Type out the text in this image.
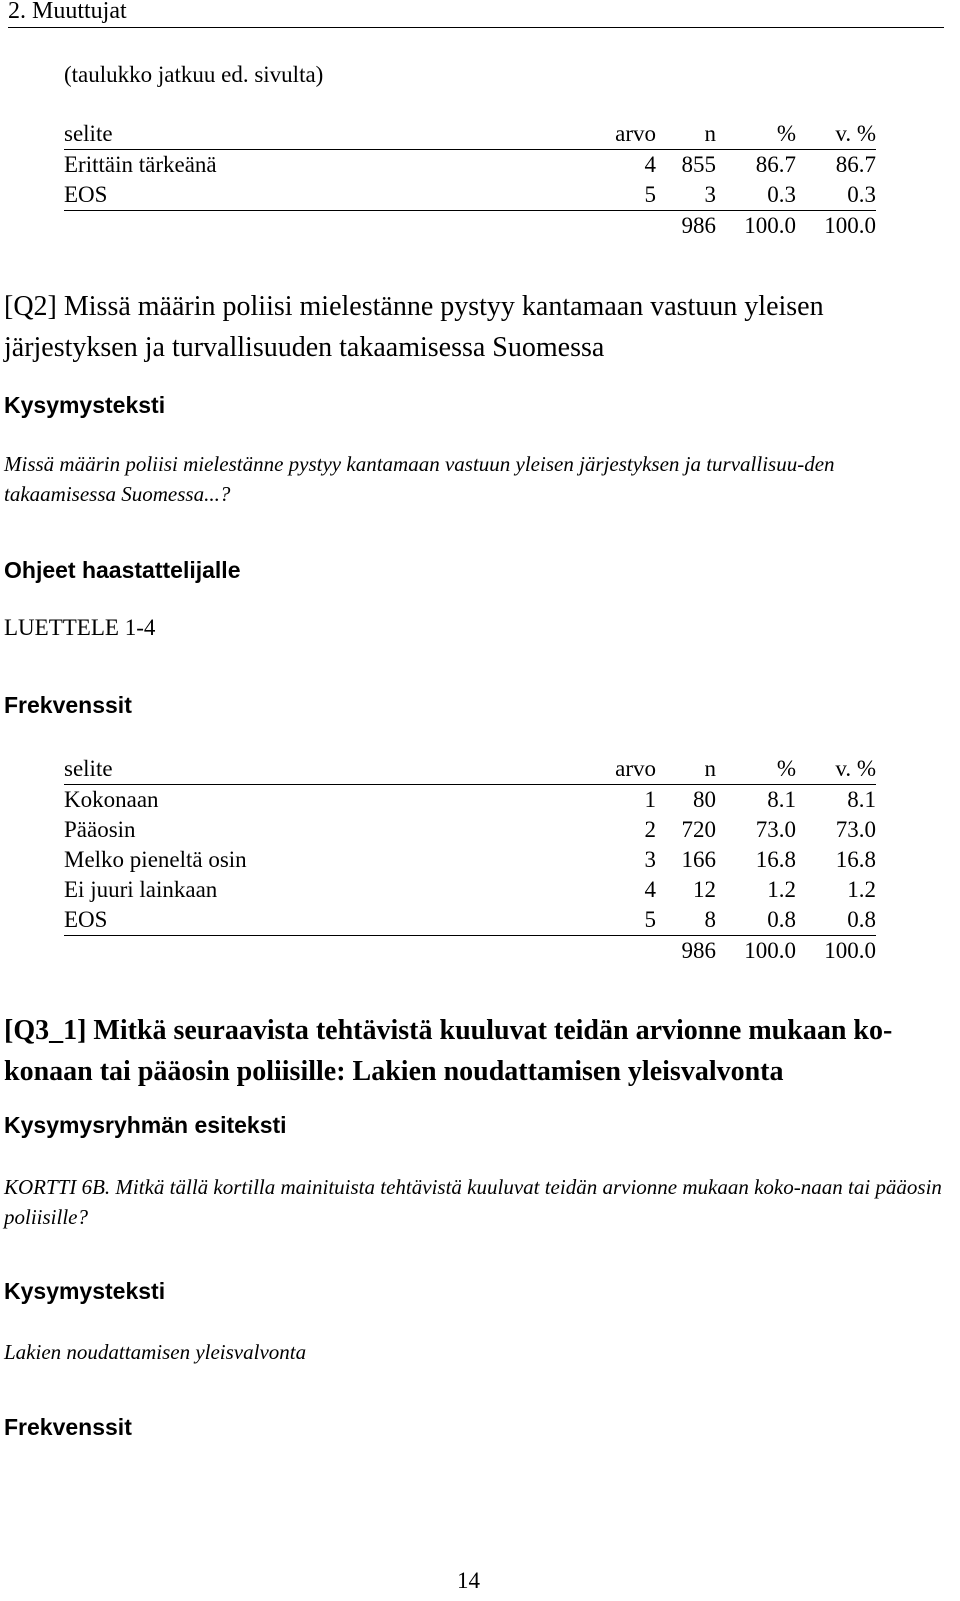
2. Muuttujat
(taulukko jatkuu ed. sivulta)
selite	arvo	n	%	v. %
Erittäin tärkeänä	4	855	86.7	86.7
EOS	5	3	0.3	0.3
		986	100.0	100.0
[Q2] Missä määrin poliisi mielestänne pystyy kantamaan vastuun yleisen järjestyksen ja turvallisuuden takaamisessa Suomessa
Kysymysteksti
Missä määrin poliisi mielestänne pystyy kantamaan vastuun yleisen järjestyksen ja turvallisuu-den takaamisessa Suomessa...?
Ohjeet haastattelijalle
LUETTELE 1-4
Frekvenssit
selite	arvo	n	%	v. %
Kokonaan	1	80	8.1	8.1
Pääosin	2	720	73.0	73.0
Melko pieneltä osin	3	166	16.8	16.8
Ei juuri lainkaan	4	12	1.2	1.2
EOS	5	8	0.8	0.8
		986	100.0	100.0
[Q3_1] Mitkä seuraavista tehtävistä kuuluvat teidän arvionne mukaan ko-konaan tai pääosin poliisille: Lakien noudattamisen yleisvalvonta
Kysymysryhmän esiteksti
KORTTI 6B. Mitkä tällä kortilla mainituista tehtävistä kuuluvat teidän arvionne mukaan koko-naan tai pääosin poliisille?
Kysymysteksti
Lakien noudattamisen yleisvalvonta
Frekvenssit
14
